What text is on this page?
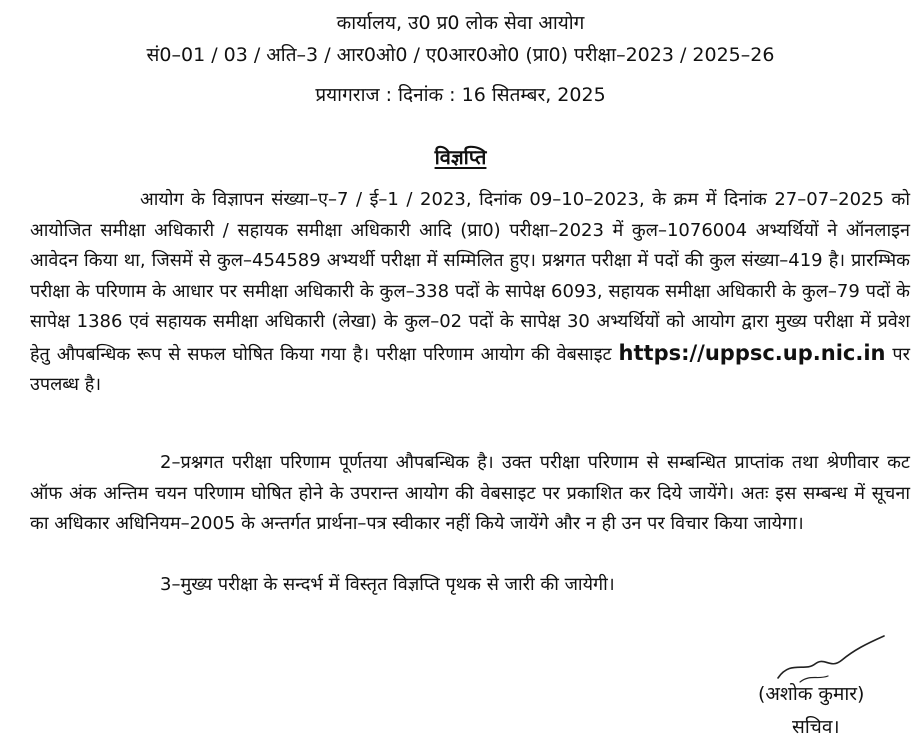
कार्यालय, उ0 प्र0 लोक सेवा आयोग
सं0–01 / 03 / अति–3 / आर0ओ0 / ए0आर0ओ0 (प्रा0) परीक्षा–2023 / 2025–26
प्रयागराज : दिनांक : 16 सितम्बर, 2025
विज्ञप्ति
आयोग के विज्ञापन संख्या–ए–7 / ई–1 / 2023, दिनांक 09–10–2023, के क्रम में दिनांक 27–07–2025 को आयोजित समीक्षा अधिकारी / सहायक समीक्षा अधिकारी आदि (प्रा0) परीक्षा–2023 में कुल–1076004 अभ्यर्थियों ने ऑनलाइन आवेदन किया था, जिसमें से कुल–454589 अभ्यर्थी परीक्षा में सम्मिलित हुए। प्रश्नगत परीक्षा में पदों की कुल संख्या–419 है। प्रारम्भिक परीक्षा के परिणाम के आधार पर समीक्षा अधिकारी के कुल–338 पदों के सापेक्ष 6093, सहायक समीक्षा अधिकारी के कुल–79 पदों के सापेक्ष 1386 एवं सहायक समीक्षा अधिकारी (लेखा) के कुल–02 पदों के सापेक्ष 30 अभ्यर्थियों को आयोग द्वारा मुख्य परीक्षा में प्रवेश हेतु औपबन्धिक रूप से सफल घोषित किया गया है। परीक्षा परिणाम आयोग की वेबसाइट https://uppsc.up.nic.in पर उपलब्ध है।
2–प्रश्नगत परीक्षा परिणाम पूर्णतया औपबन्धिक है। उक्त परीक्षा परिणाम से सम्बन्धित प्राप्तांक तथा श्रेणीवार कट ऑफ अंक अन्तिम चयन परिणाम घोषित होने के उपरान्त आयोग की वेबसाइट पर प्रकाशित कर दिये जायेंगे। अतः इस सम्बन्ध में सूचना का अधिकार अधिनियम–2005 के अन्तर्गत प्रार्थना–पत्र स्वीकार नहीं किये जायेंगे और न ही उन पर विचार किया जायेगा।
3–मुख्य परीक्षा के सन्दर्भ में विस्तृत विज्ञप्ति पृथक से जारी की जायेगी।
(अशोक कुमार)
सचिव।
